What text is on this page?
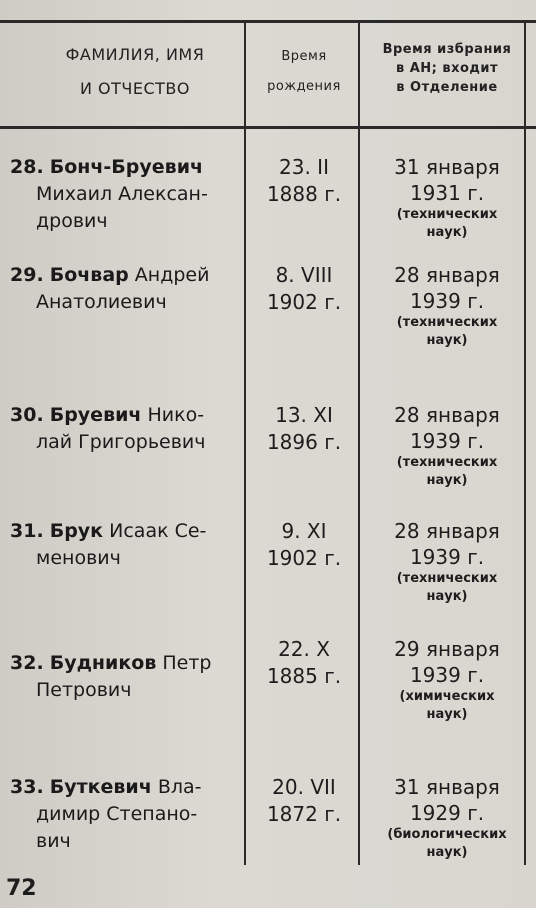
ФАМИЛИЯ, ИМЯ
И ОТЧЕСТВО
Время
рождения
Время избрания
в АН; входит
в Отделение
28. Бонч-Бруевич
Михаил Алексан-
дрович
23. II
1888 г.
31 января
1931 г.
(технических
наук)
29. Бочвар Андрей
Анатолиевич
8. VIII
1902 г.
28 января
1939 г.
(технических
наук)
30. Бруевич Нико-
лай Григорьевич
13. XI
1896 г.
28 января
1939 г.
(технических
наук)
31. Брук Исаак Се-
менович
9. XI
1902 г.
28 января
1939 г.
(технических
наук)
32. Будников Петр
Петрович
22. X
1885 г.
29 января
1939 г.
(химических
наук)
33. Буткевич Вла-
димир Степано-
вич
20. VII
1872 г.
31 января
1929 г.
(биологических
наук)
72
